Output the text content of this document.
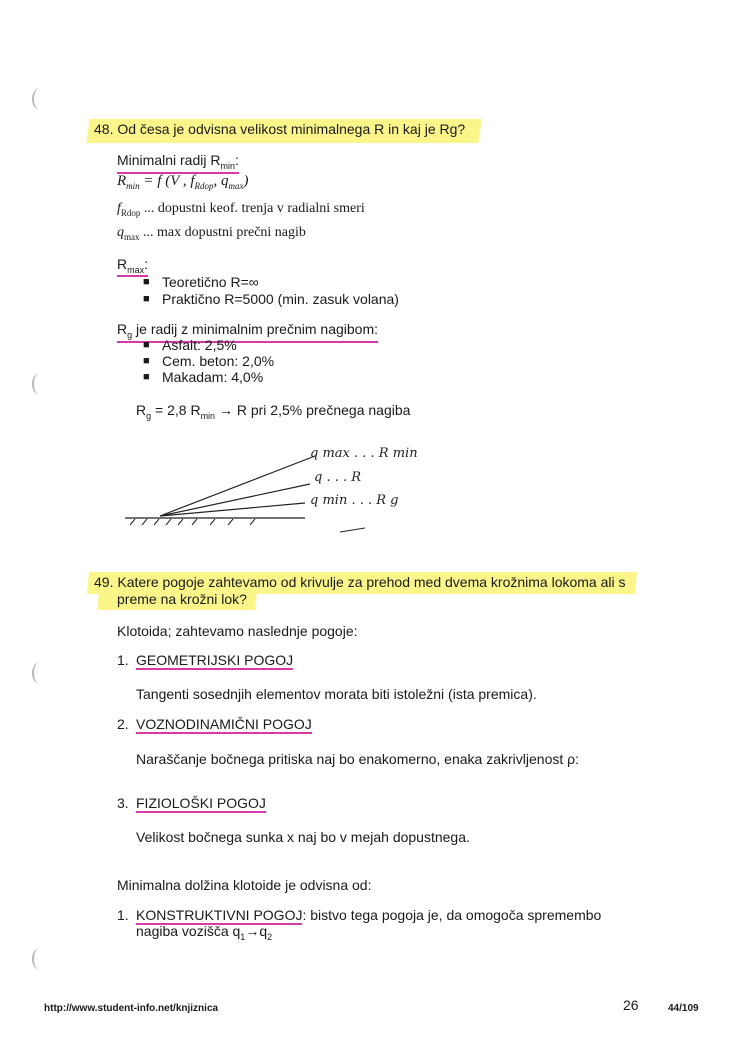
48. Od česa je odvisna velikost minimalnega R in kaj je Rg?
Minimalni radij $R_{min}$:
$R_{min} = f$ (V , $f_{Rdop}$, $q_{max}$)
$f_{Rdop}$ ... dopustni keof. trenja v radialni smeri
$q_{max}$ ... max dopustni prečni nagib
$R_{max}$:
■ Teoretično R=∞
■ Praktično R=5000 (min. zasuk volana)
$R_g$ je radij z minimalnim prečnim nagibom:
■ Asfalt: 2,5%
■ Cem. beton: 2,0%
■ Makadam: 4,0%
$R_g = 2,8$ $R_{min} \to R$ pri 2,5% prečnega nagiba
q max . . . R min
q . . . R
q min . . . R g
49. Katere pogoje zahtevamo od krivulje za prehod med dvema krožnima lokoma ali s
preme na krožni lok?
Klotoida; zahtevamo naslednje pogoje:
1. GEOMETRIJSKI POGOJ
Tangenti sosednjih elementov morata biti istoležni (ista premica).
2. VOZNODINAMIČNI POGOJ
Naraščanje bočnega pritiska naj bo enakomerno, enaka zakrivljenost ρ:
3. FIZIOLOŠKI POGOJ
Velikost bočnega sunka x naj bo v mejah dopustnega.
Minimalna dolžina klotoide je odvisna od:
1. KONSTRUKTIVNI POGOJ: bistvo tega pogoja je, da omogoča spremembo
nagiba vozišča $q_1\to q_2$
http://www.student-info.net/knjiznica	26	44/109
